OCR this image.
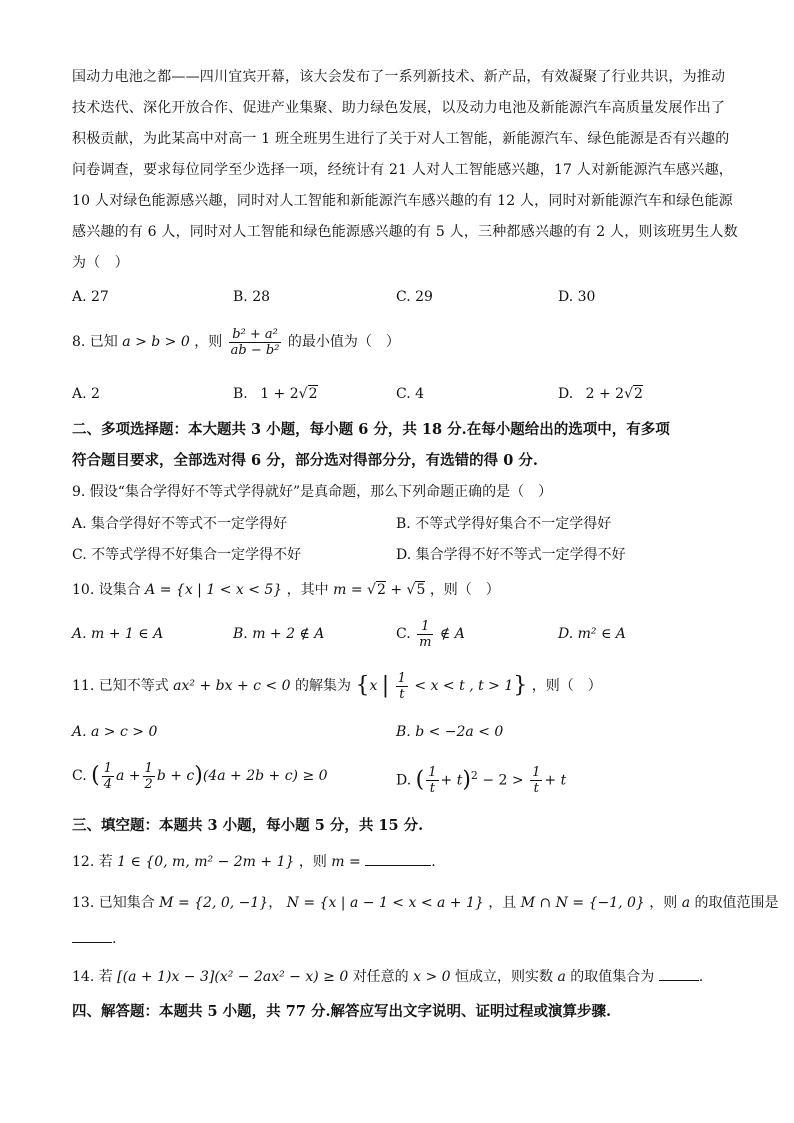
国动力电池之都——四川宜宾开幕，该大会发布了一系列新技术、新产品，有效凝聚了行业共识，为推动
技术迭代、深化开放合作、促进产业集聚、助力绿色发展，以及动力电池及新能源汽车高质量发展作出了
积极贡献，为此某高中对高一 1 班全班男生进行了关于对人工智能，新能源汽车、绿色能源是否有兴趣的
问卷调查，要求每位同学至少选择一项，经统计有 21 人对人工智能感兴趣，17 人对新能源汽车感兴趣，
10 人对绿色能源感兴趣，同时对人工智能和新能源汽车感兴趣的有 12 人，同时对新能源汽车和绿色能源
感兴趣的有 6 人，同时对人工智能和绿色能源感兴趣的有 5 人，三种都感兴趣的有 2 人，则该班男生人数
为（　）
A. 27	B. 28	C. 29	D. 30
8. 已知 a > b > 0 ，则 $\frac{\text{b² + a²}}{\text{ab − b²}}$ 的最小值为（　）
A. 2	B. 1 + 2√2	C. 4	D. 2 + 2√2
二、多项选择题：本大题共 3 小题，每小题 6 分，共 18 分.在每小题给出的选项中，有多项
符合题目要求，全部选对得 6 分，部分选对得部分分，有选错的得 0 分.
9. 假设“集合学得好不等式学得就好”是真命题，那么下列命题正确的是（　）
A. 集合学得好不等式不一定学得好	B. 不等式学得好集合不一定学得好
C. 不等式学得不好集合一定学得不好	D. 集合学得不好不等式一定学得不好
10. 设集合 A = {x | 1 < x < 5} ，其中 m = √2 + √5 ，则（　）
A. m + 1 ∈ A	B. m + 2 ∉ A	C. $\frac{1}{m}$ ∉ A	D. m² ∈ A
11. 已知不等式 ax² + bx + c < 0 的解集为 {x | $\frac{1}{t} < x < t$ , t > 1} ，则（　）
A. a > c > 0	B. b < −2a < 0
C. ( $\frac{1}{4}$ $a + \frac{1}{2}$ b + c)(4a + 2b + c) ≥ 0	D. ( $\frac{1}{t} + t)^2 - 2 > \frac{1}{t} + t$
三、填空题：本题共 3 小题，每小题 5 分，共 15 分.
12. 若 1 ∈ {0, m, m² − 2m + 1} ，则 m =	.
13. 已知集合 M = {2, 0, −1}， N = {x | a − 1 < x < a + 1} ，且 M ∩ N = {−1, 0} ，则 a 的取值范围是
.
14. 若 [(a + 1)x − 3](x² − 2ax² − x) ≥ 0 对任意的 x > 0 恒成立，则实数 a 的取值集合为	.
四、解答题：本题共 5 小题，共 77 分.解答应写出文字说明、证明过程或演算步骤.
